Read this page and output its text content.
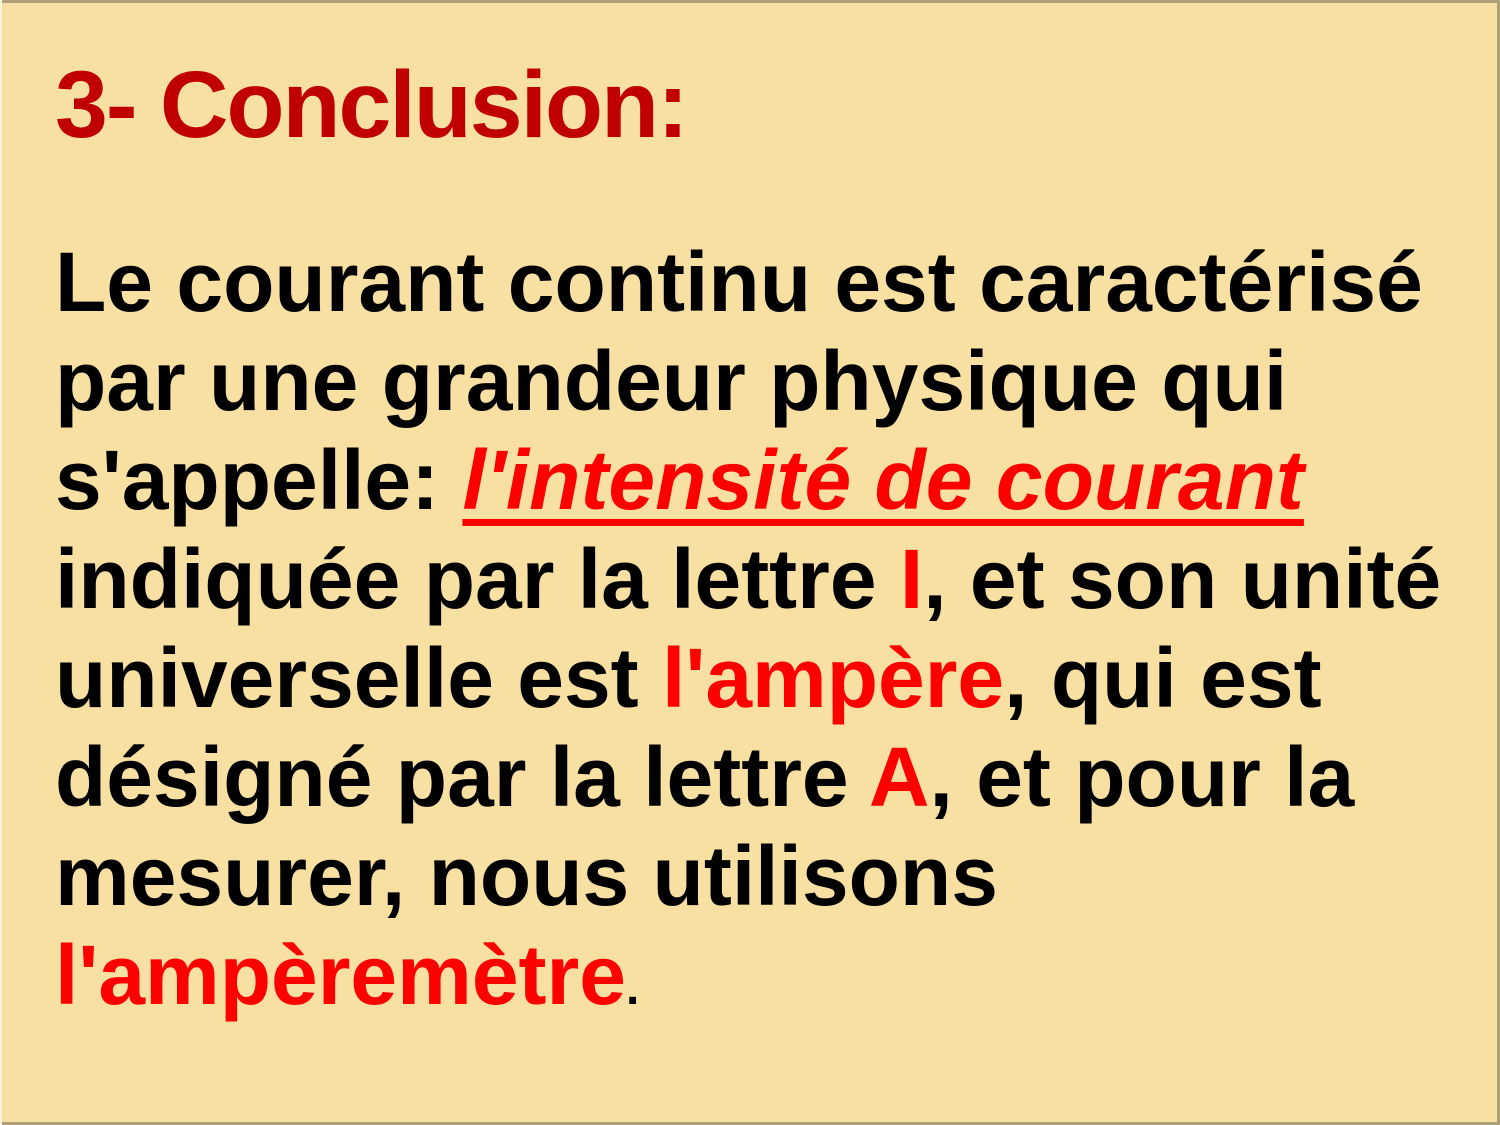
3- Conclusion:
Le courant continu est caractérisé
par une grandeur physique qui
s'appelle: l'intensité de courant
indiquée par la lettre I, et son unité
universelle est l'ampère, qui est
désigné par la lettre A, et pour la
mesurer, nous utilisons
l'ampèremètre.
